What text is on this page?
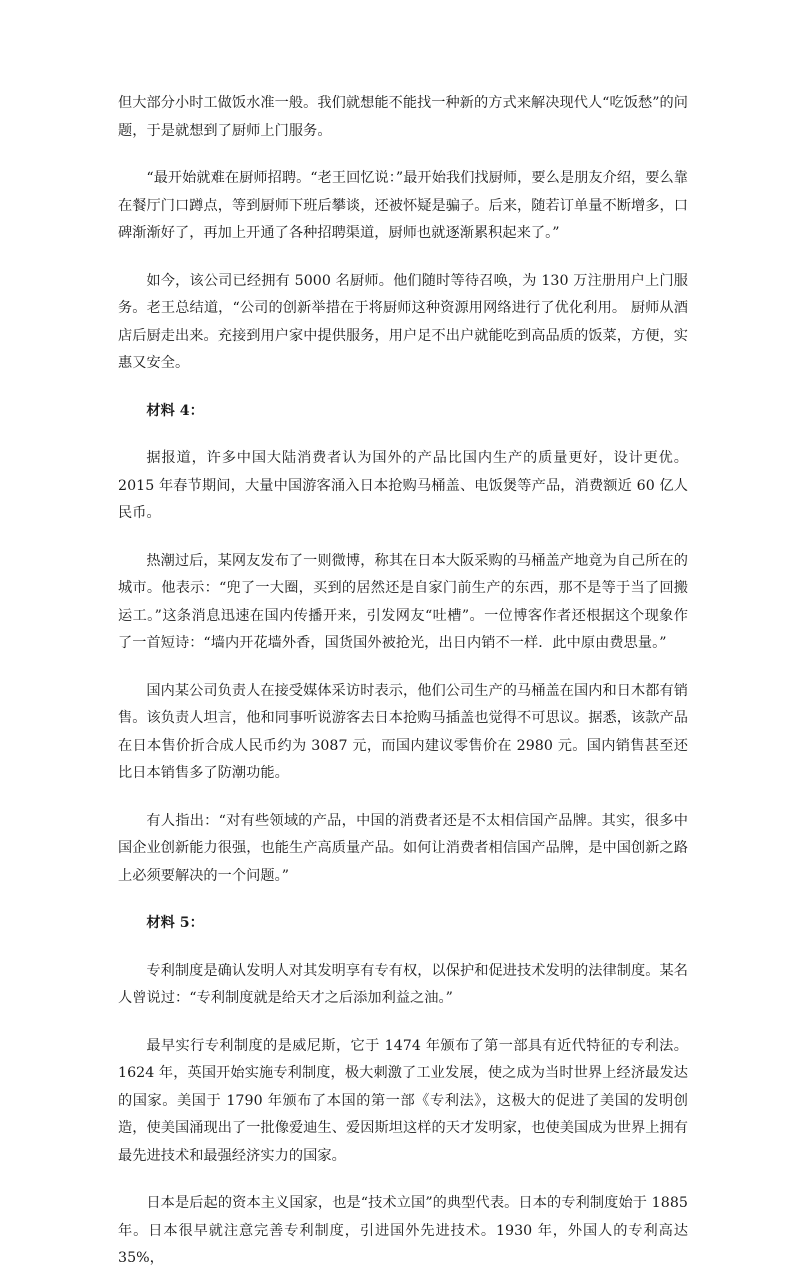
但大部分小时工做饭水准一般。我们就想能不能找一种新的方式来解决现代人“吃饭愁”的问题，于是就想到了厨师上门服务。

“最开始就难在厨师招聘。“老王回忆说：”最开始我们找厨师，要么是朋友介绍，要么靠在餐厅门口蹲点，等到厨师下班后攀谈，还被怀疑是骗子。后来，随若订单量不断增多，口碑渐渐好了，再加上开通了各种招聘渠道，厨师也就逐渐累积起来了。”

如今，该公司已经拥有 5000 名厨师。他们随时等待召唤，为 130 万注册用户上门服务。老王总结道，“公司的创新举措在于将厨师这种资源用网络进行了优化利用。 厨师从酒店后厨走出来。充接到用户家中提供服务，用户足不出户就能吃到高品质的饭菜，方便，实惠又安全。

材料 4：

据报道，许多中国大陆消费者认为国外的产品比国内生产的质量更好，设计更优。2015 年春节期间，大量中国游客涌入日本抢购马桶盖、电饭煲等产品，消费额近 60 亿人民币。

热潮过后，某网友发布了一则微博，称其在日本大阪采购的马桶盖产地竟为自己所在的城市。他表示：“兜了一大圈，买到的居然还是自家门前生产的东西，那不是等于当了回搬运工。”这条消息迅速在国内传播开来，引发网友“吐槽”。一位博客作者还根据这个现象作了一首短诗：“墙内开花墙外香，国货国外被抢光，出日内销不一样．此中原由费思量。”

国内某公司负责人在接受媒体采访时表示，他们公司生产的马桶盖在国内和日木都有销售。该负责人坦言，他和同事听说游客去日本抢购马插盖也觉得不可思议。据悉，该款产品在日本售价折合成人民币约为 3087 元，而国内建议零售价在 2980 元。国内销售甚至还比日本销售多了防潮功能。

有人指出：“对有些领域的产品，中国的消费者还是不太相信国产品牌。其实，很多中国企业创新能力很强，也能生产高质量产品。如何让消费者相信国产品牌，是中国创新之路上必须要解决的一个问题。”

材料 5：

专利制度是确认发明人对其发明享有专有权，以保护和促进技术发明的法律制度。某名人曾说过：“专利制度就是给天才之后添加利益之油。”

最早实行专利制度的是威尼斯，它于 1474 年颁布了第一部具有近代特征的专利法。1624 年，英国开始实施专利制度，极大刺激了工业发展，使之成为当时世界上经济最发达的国家。美国于 1790 年颁布了本国的第一部《专利法》，这极大的促进了美国的发明创造，使美国涌现出了一批像爱迪生、爱因斯坦这样的天才发明家，也使美国成为世界上拥有最先进技术和最强经济实力的国家。

日本是后起的资本主义国家，也是“技术立国”的典型代表。日本的专利制度始于 1885 年。日本很早就注意完善专利制度，引进国外先进技术。1930 年，外国人的专利高达 35%，
